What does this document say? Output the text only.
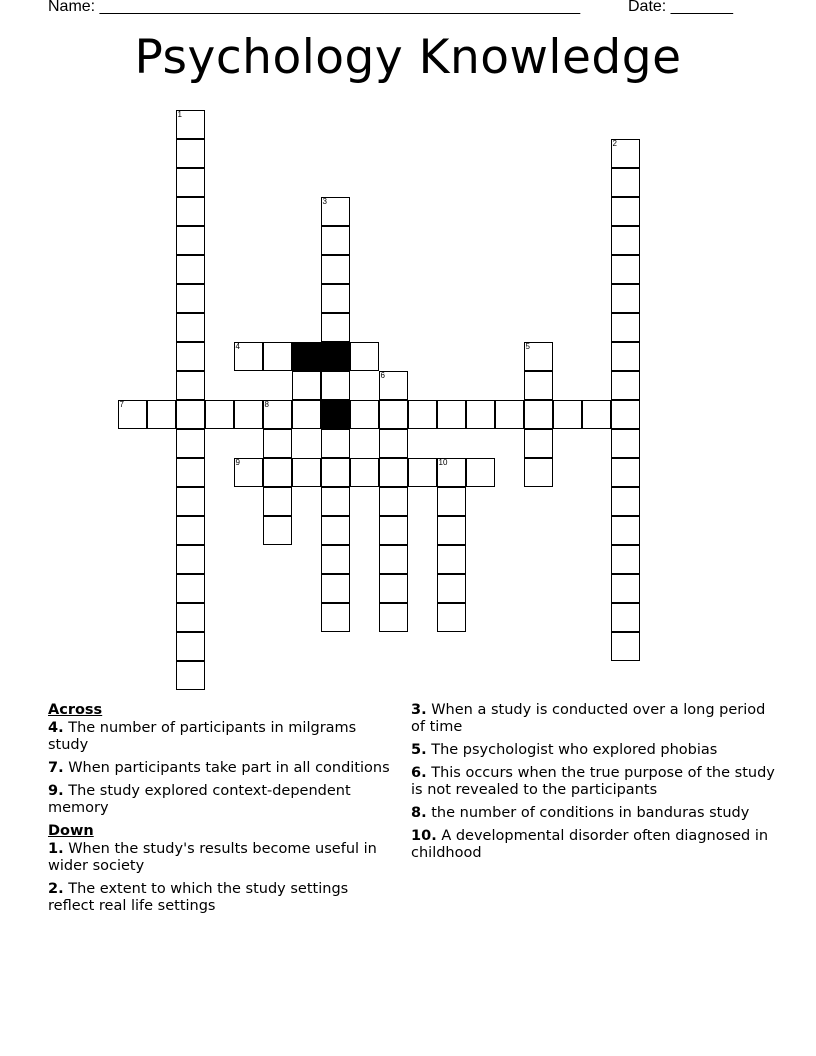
Name: ______________________________________________________	Date: _______
Psychology Knowledge
1
2
3
4	5
6
7	8
9	10
Across
4. The number of participants in milgrams study
7. When participants take part in all conditions
9. The study explored context-dependent memory
Down
1. When the study's results become useful in wider society
2. The extent to which the study settings reflect real life settings
3. When a study is conducted over a long period of time
5. The psychologist who explored phobias
6. This occurs when the true purpose of the study is not revealed to the participants
8. the number of conditions in banduras study
10. A developmental disorder often diagnosed in childhood
